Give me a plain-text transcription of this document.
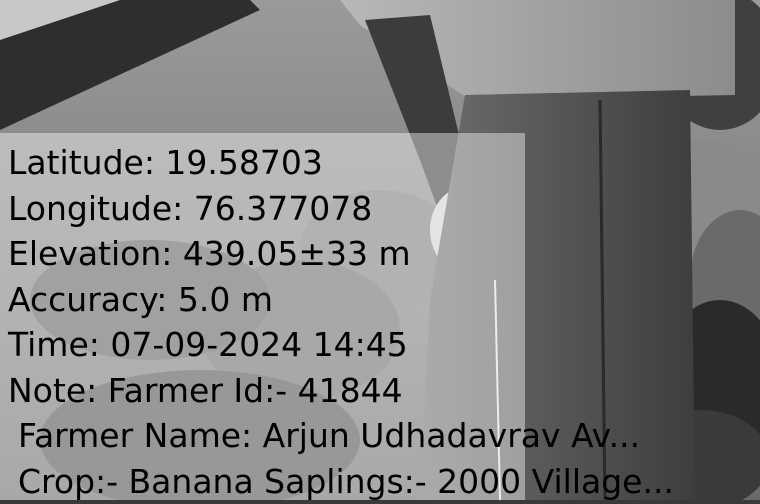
Latitude: 19.58703
Longitude: 76.377078
Elevation: 439.05±33 m
Accuracy: 5.0 m
Time: 07-09-2024 14:45
Note: Farmer Id:- 41844
Farmer Name: Arjun Udhadavrav Av...
Crop:- Banana Saplings:- 2000 Village...
